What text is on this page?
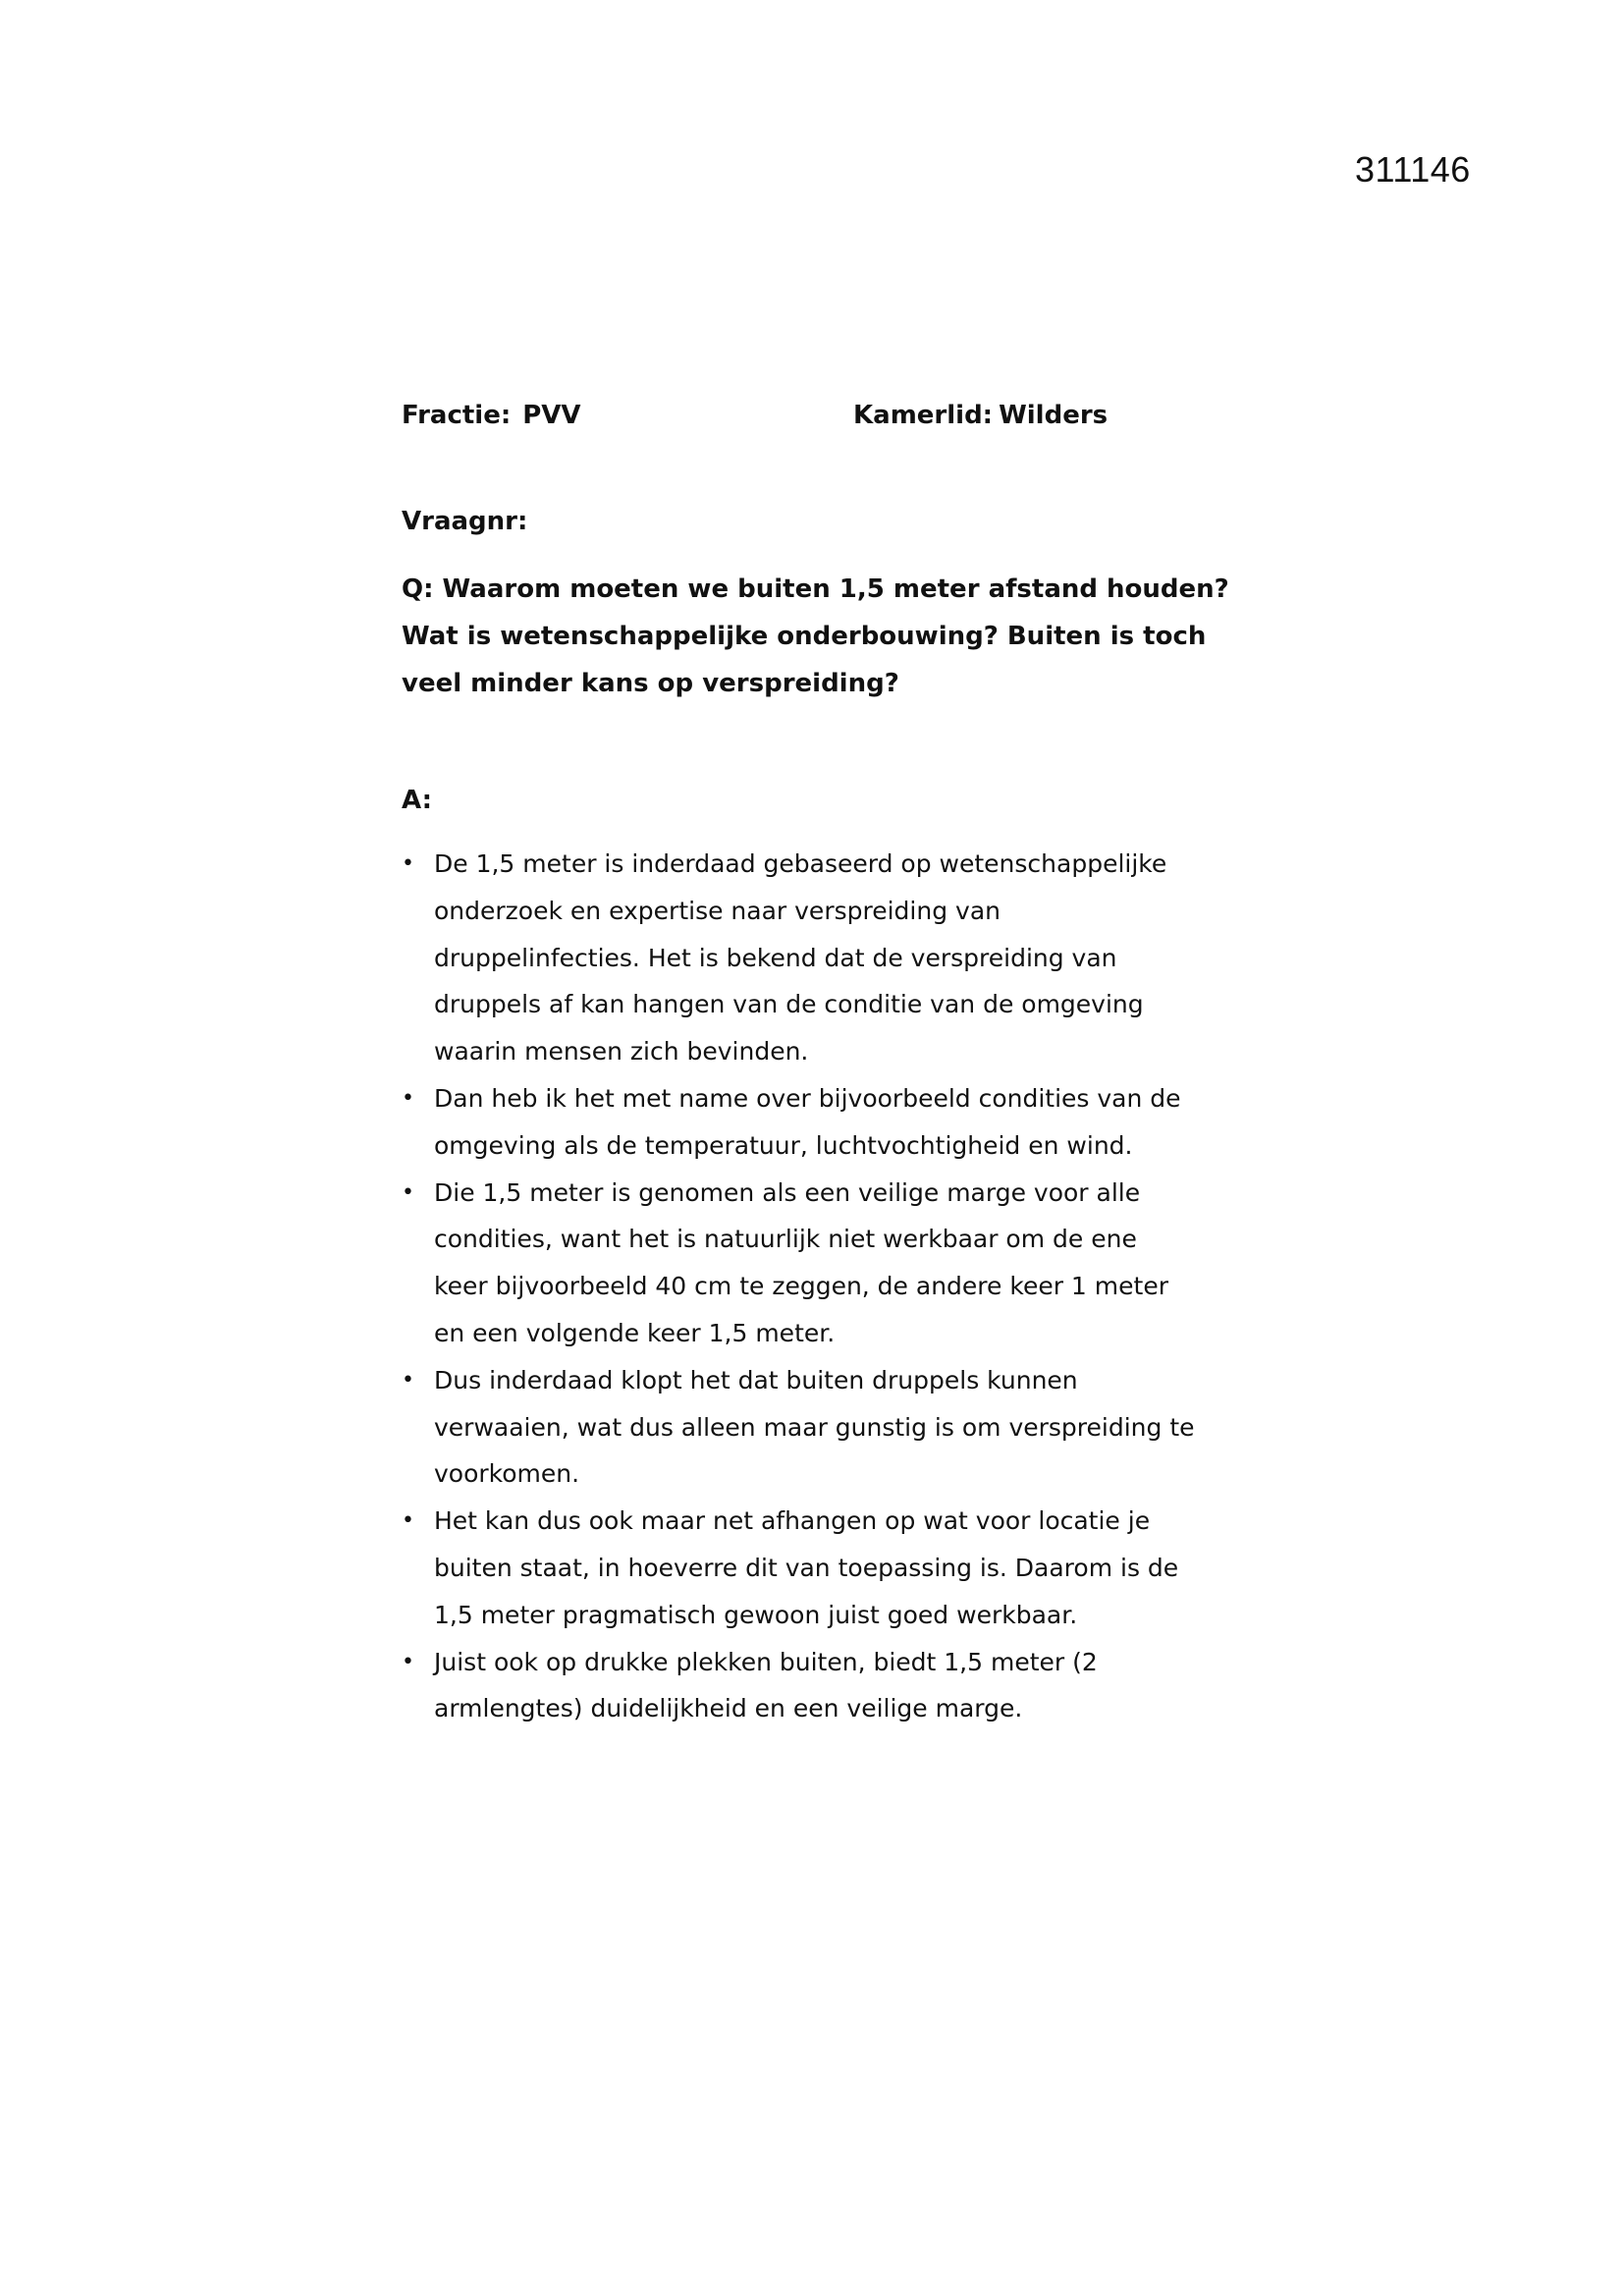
311146
Fractie: PVV	Kamerlid: Wilders
Vraagnr:
Q: Waarom moeten we buiten 1,5 meter afstand houden?
Wat is wetenschappelijke onderbouwing? Buiten is toch
veel minder kans op verspreiding?
A:
• De 1,5 meter is inderdaad gebaseerd op wetenschappelijke
onderzoek en expertise naar verspreiding van
druppelinfecties. Het is bekend dat de verspreiding van
druppels af kan hangen van de conditie van de omgeving
waarin mensen zich bevinden.
• Dan heb ik het met name over bijvoorbeeld condities van de
omgeving als de temperatuur, luchtvochtigheid en wind.
• Die 1,5 meter is genomen als een veilige marge voor alle
condities, want het is natuurlijk niet werkbaar om de ene
keer bijvoorbeeld 40 cm te zeggen, de andere keer 1 meter
en een volgende keer 1,5 meter.
• Dus inderdaad klopt het dat buiten druppels kunnen
verwaaien, wat dus alleen maar gunstig is om verspreiding te
voorkomen.
• Het kan dus ook maar net afhangen op wat voor locatie je
buiten staat, in hoeverre dit van toepassing is. Daarom is de
1,5 meter pragmatisch gewoon juist goed werkbaar.
• Juist ook op drukke plekken buiten, biedt 1,5 meter (2
armlengtes) duidelijkheid en een veilige marge.
